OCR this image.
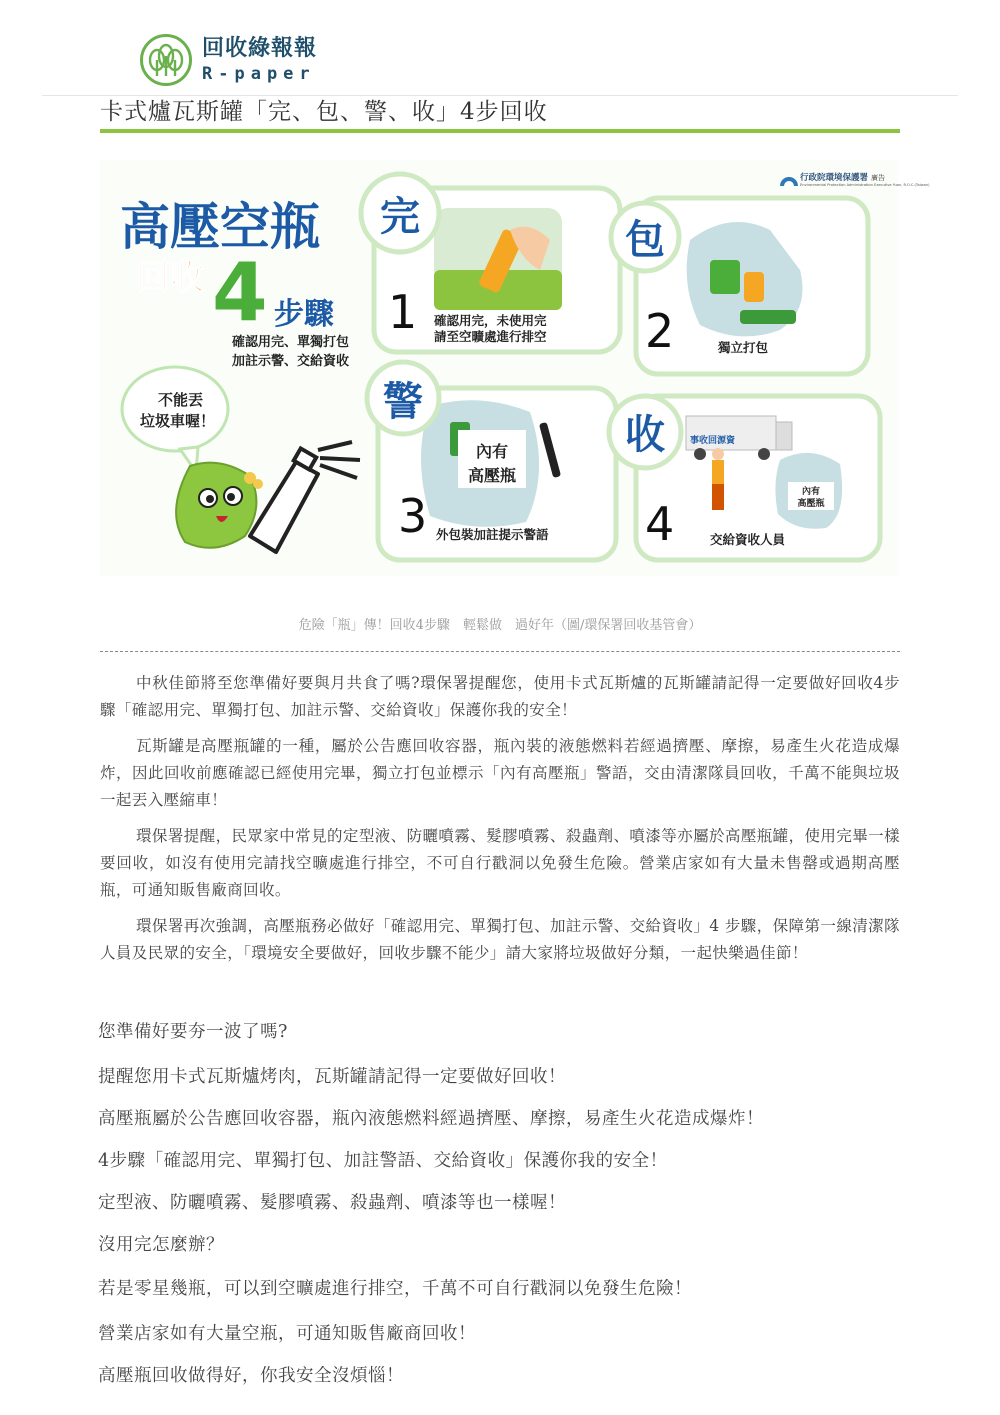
回收綠報報
R-paper
卡式爐瓦斯罐「完、包、警、收」4步回收
行政院環境保護署
Environmental Protection Administration Executive Yuan, R.O.C.(Taiwan)
廣告
高壓空瓶
回收 4 步驟
確認用完、單獨打包
加註示警、交給資收
不能丟
垃圾車喔！
完
1 確認用完，未使用完
請至空曠處進行排空
包
2	獨立打包
內有
高壓瓶
警
3 外包裝加註提示警語
事收回源資
內有
高壓瓶
收
4	交給資收人員
危險「瓶」傳！回收4步驟　輕鬆做　過好年（圖/環保署回收基管會）

中秋佳節將至您準備好要與月共食了嗎?環保署提醒您，使用卡式瓦斯爐的瓦斯罐請記得一定要做好回收4步驟「確認用完、單獨打包、加註示警、交給資收」保護你我的安全！

瓦斯罐是高壓瓶罐的一種，屬於公告應回收容器，瓶內裝的液態燃料若經過擠壓、摩擦，易產生火花造成爆炸，因此回收前應確認已經使用完畢，獨立打包並標示「內有高壓瓶」警語，交由清潔隊員回收，千萬不能與垃圾一起丟入壓縮車！

環保署提醒，民眾家中常見的定型液、防曬噴霧、髮膠噴霧、殺蟲劑、噴漆等亦屬於高壓瓶罐，使用完畢一樣要回收，如沒有使用完請找空曠處進行排空，不可自行戳洞以免發生危險。營業店家如有大量未售罄或過期高壓瓶，可通知販售廠商回收。

環保署再次強調，高壓瓶務必做好「確認用完、單獨打包、加註示警、交給資收」4 步驟，保障第一線清潔隊人員及民眾的安全，「環境安全要做好，回收步驟不能少」請大家將垃圾做好分類，一起快樂過佳節！

您準備好要夯一波了嗎?

提醒您用卡式瓦斯爐烤肉，瓦斯罐請記得一定要做好回收！

高壓瓶屬於公告應回收容器，瓶內液態燃料經過擠壓、摩擦，易產生火花造成爆炸！

4步驟「確認用完、單獨打包、加註警語、交給資收」保護你我的安全！

定型液、防曬噴霧、髮膠噴霧、殺蟲劑、噴漆等也一樣喔！

沒用完怎麼辦？

若是零星幾瓶，可以到空曠處進行排空，千萬不可自行戳洞以免發生危險！

營業店家如有大量空瓶，可通知販售廠商回收！

高壓瓶回收做得好，你我安全沒煩惱！
